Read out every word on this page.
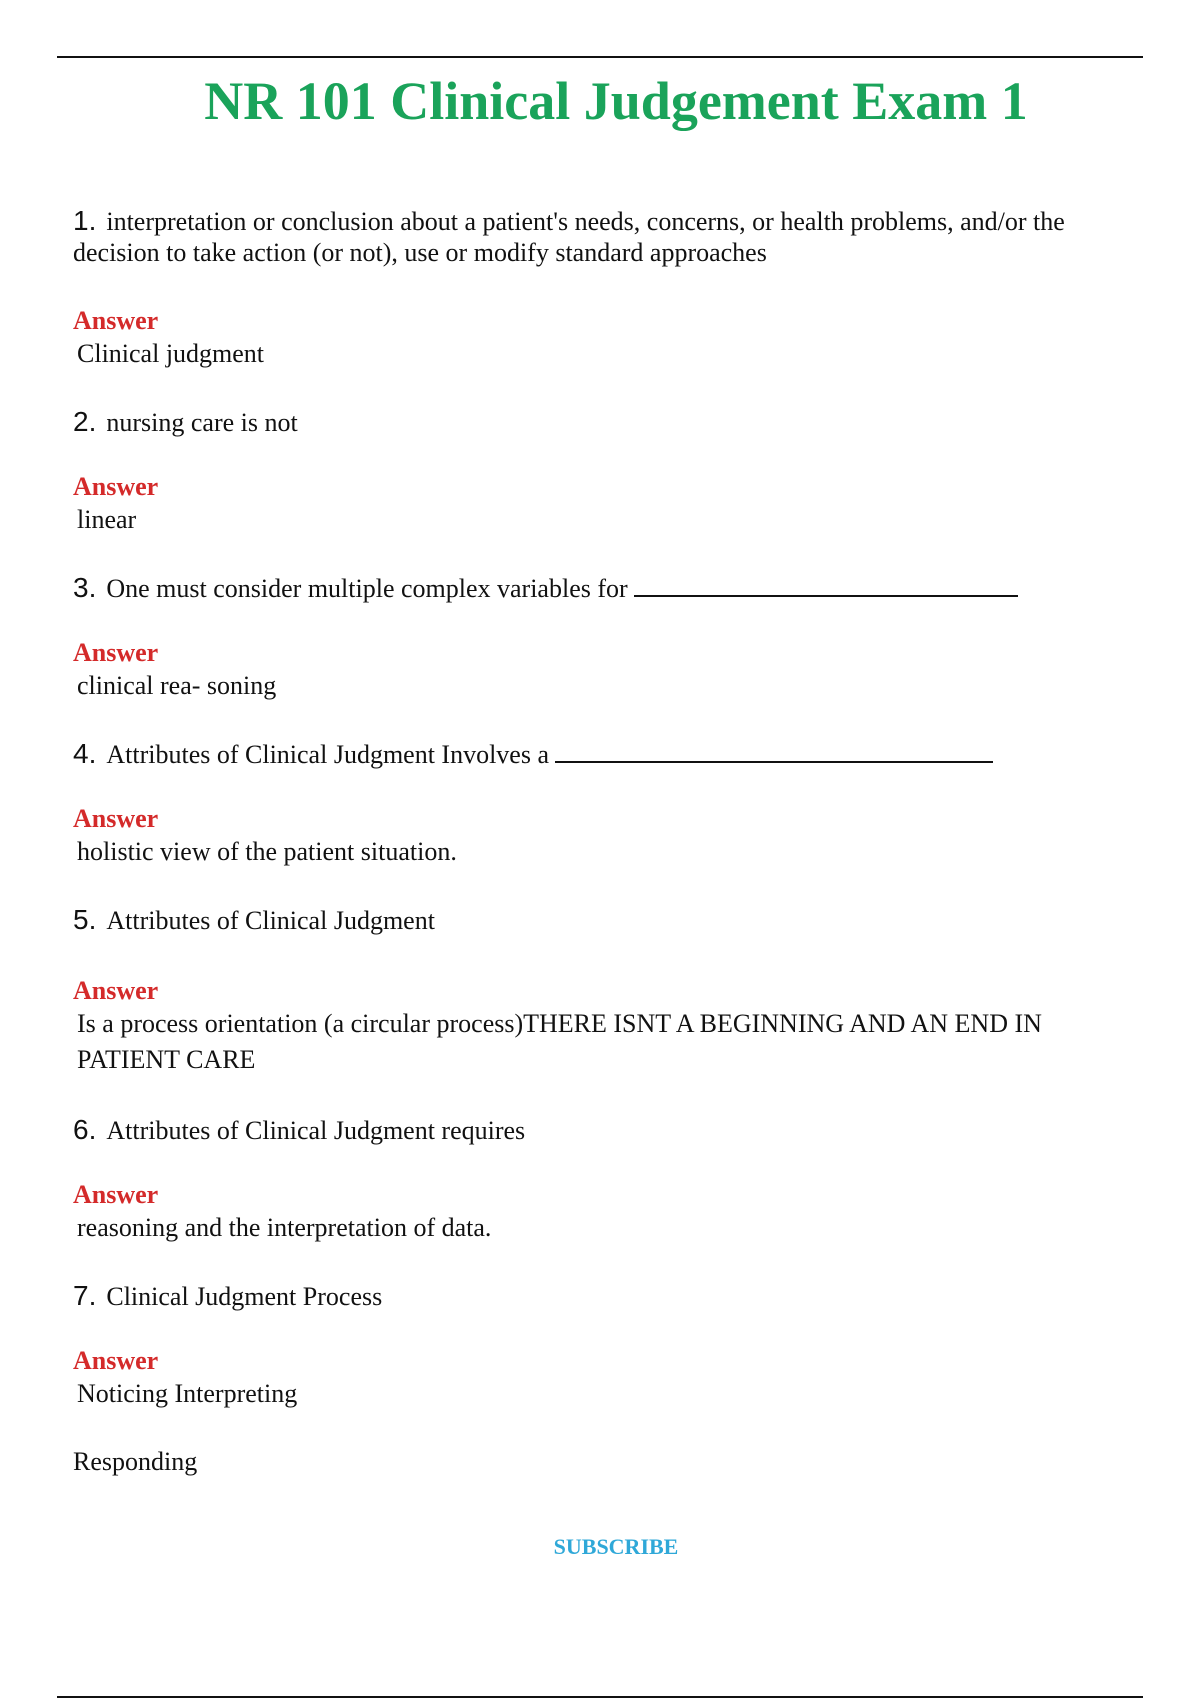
NR 101 Clinical Judgement Exam 1

1. interpretation or conclusion about a patient's needs, concerns, or health problems, and/or the decision to take action (or not), use or modify standard approaches

Answer

Clinical judgment

2. nursing care is not

Answer

linear

3. One must consider multiple complex variables for

Answer

clinical rea- soning

4. Attributes of Clinical Judgment Involves a

Answer

holistic view of the patient situation.

5. Attributes of Clinical Judgment

Answer

Is a process orientation (a circular process)THERE ISNT A BEGINNING AND AN END IN PATIENT CARE

6. Attributes of Clinical Judgment requires

Answer

reasoning and the interpretation of data.

7. Clinical Judgment Process

Answer

Noticing Interpreting

Responding

SUBSCRIBE
